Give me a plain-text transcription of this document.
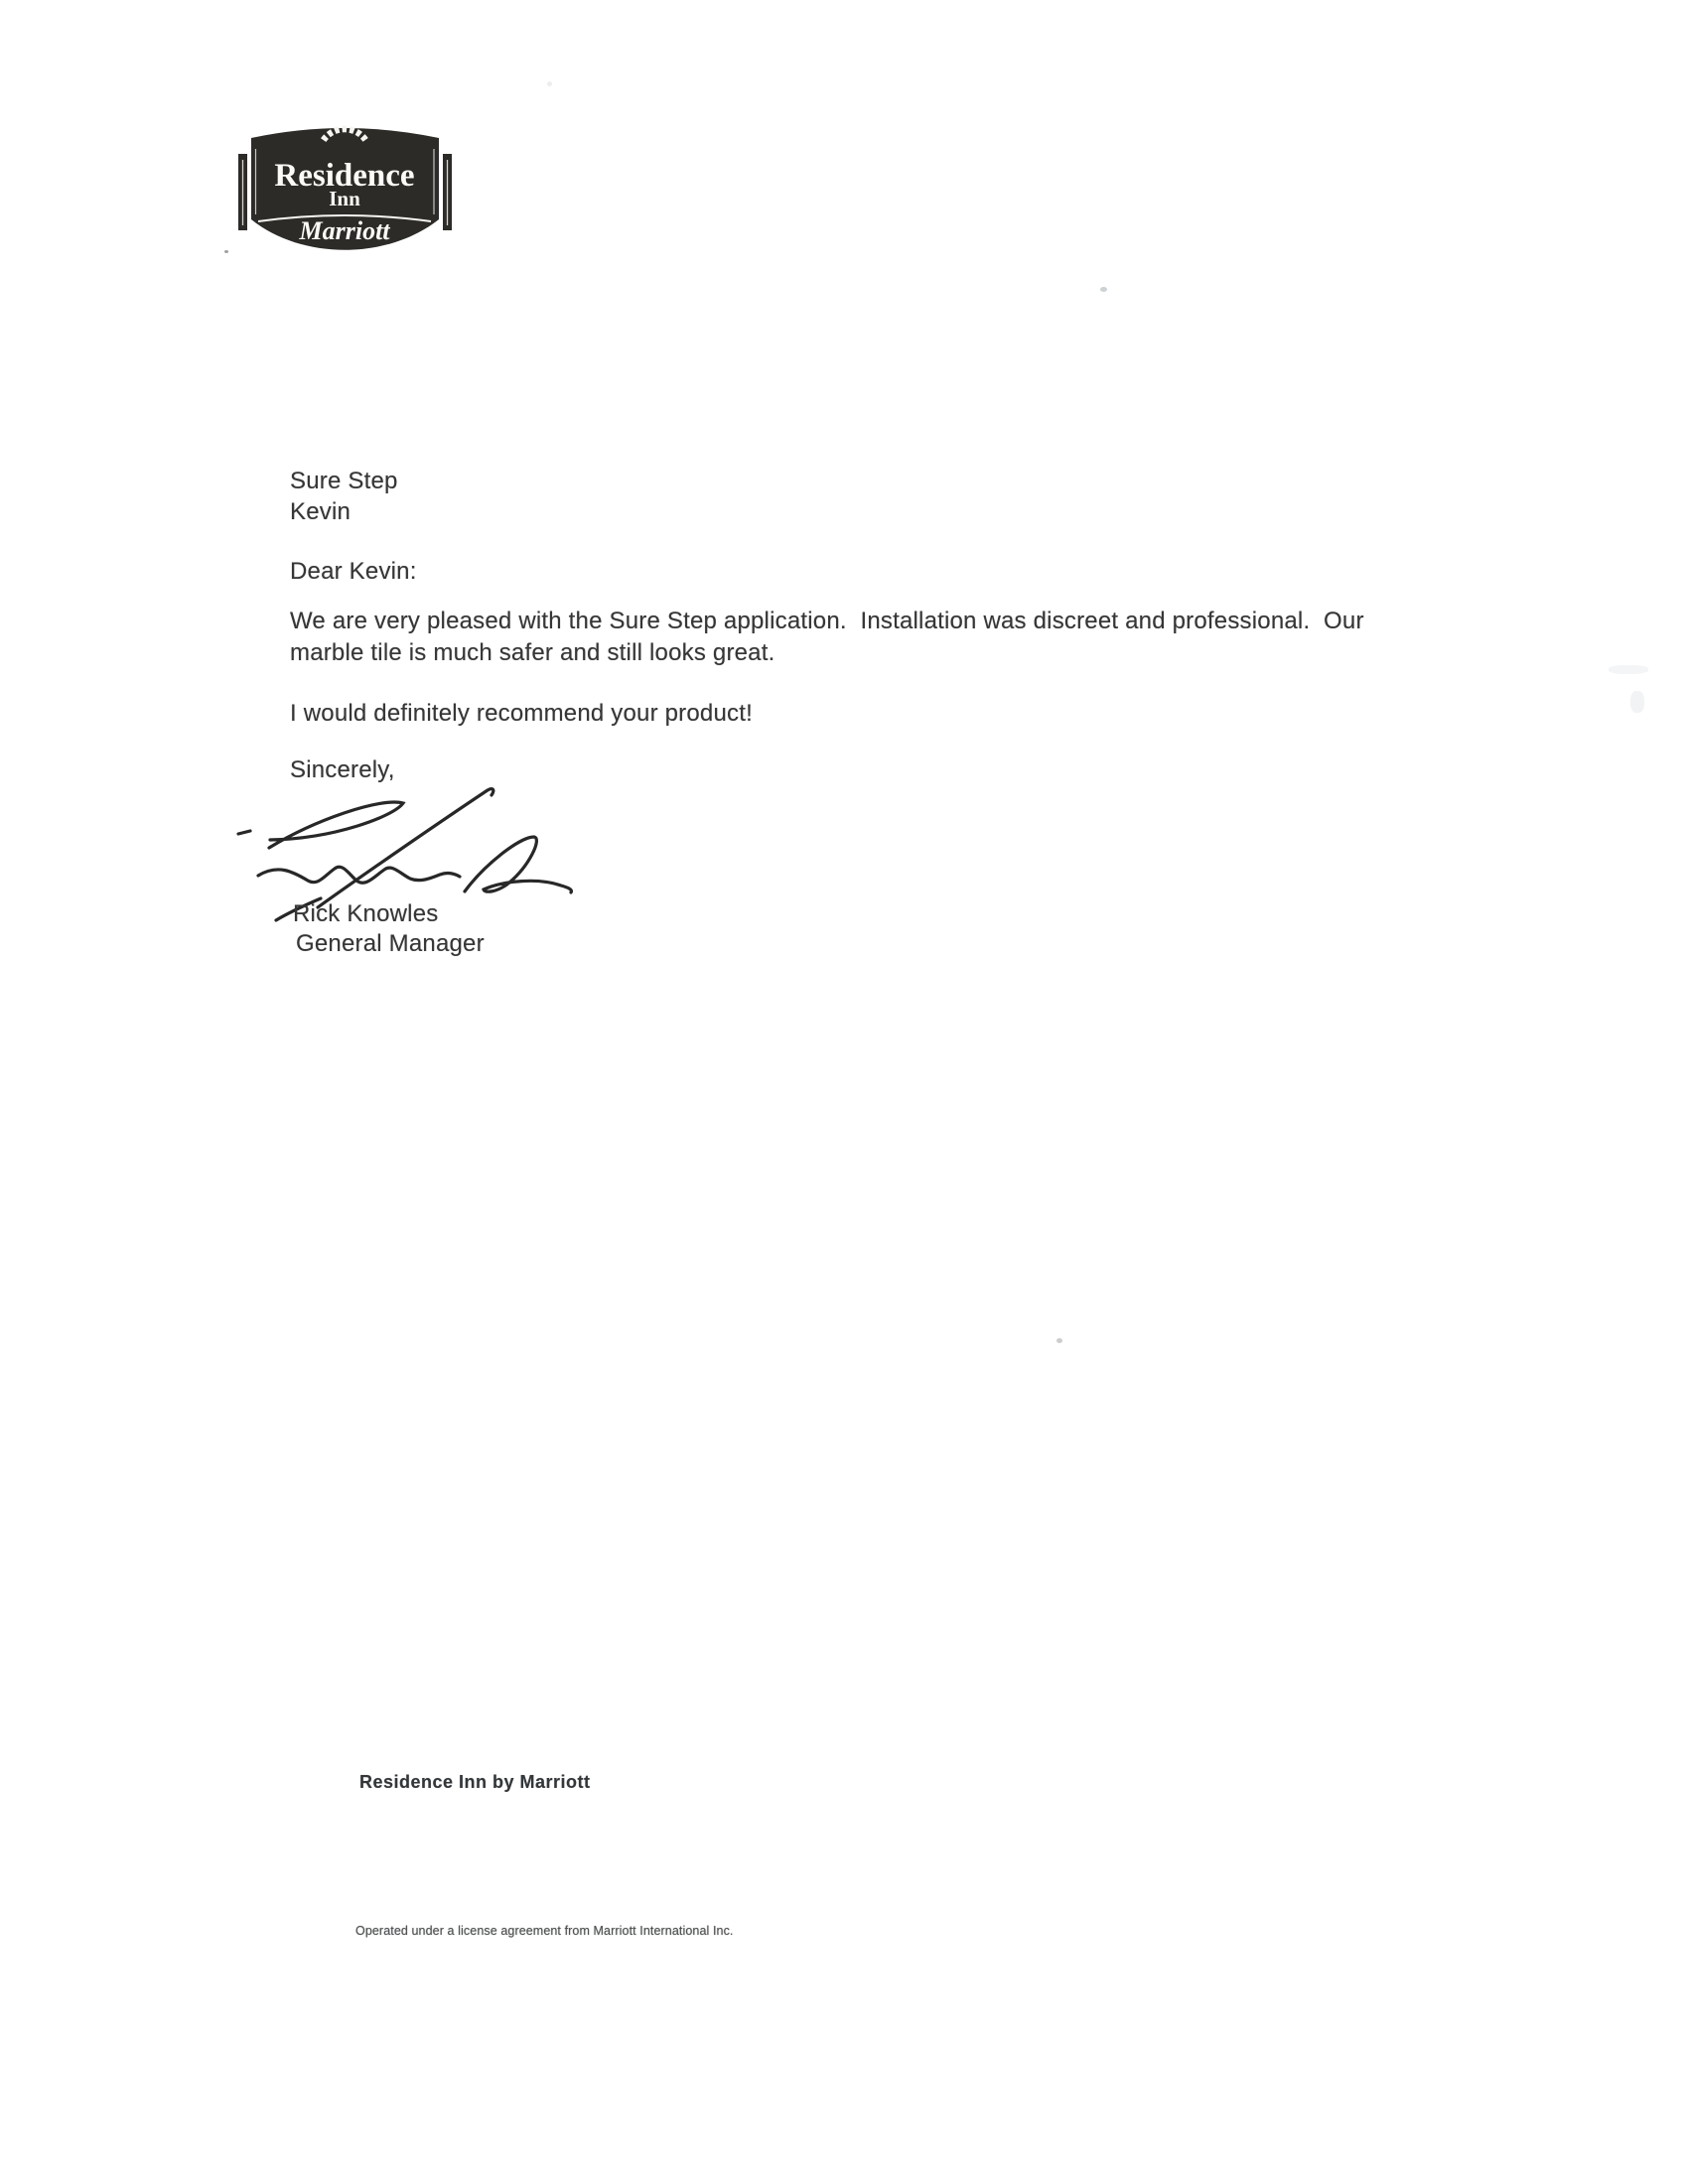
Residence
Inn
Marriott
Sure Step
Kevin
Dear Kevin:
We are very pleased with the Sure Step application.  Installation was discreet and professional.  Our
marble tile is much safer and still looks great.
I would definitely recommend your product!
Sincerely,
Rick Knowles
General Manager
Residence Inn by Marriott
Operated under a license agreement from Marriott International Inc.
